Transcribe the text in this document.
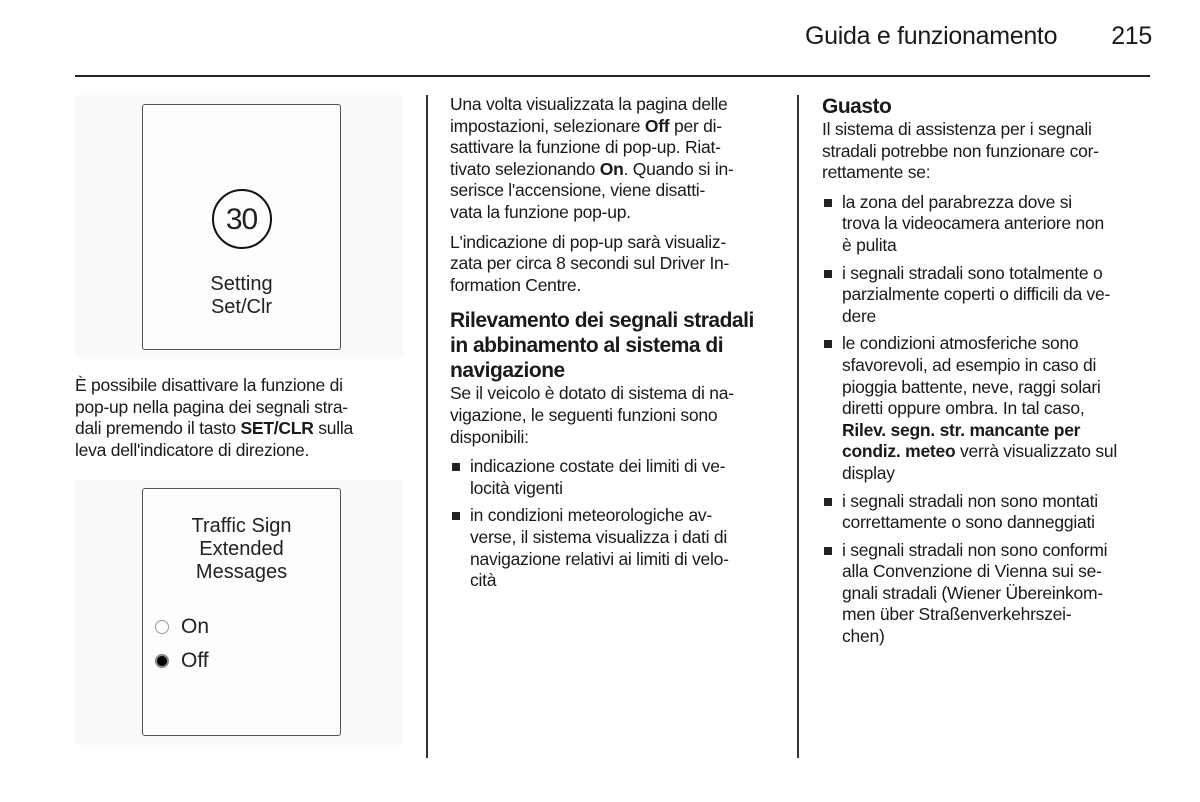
Guida e funzionamento 215
30
Setting
Set/Clr
Traffic Sign
Extended
Messages
On
Off
È possibile disattivare la funzione di
pop-up nella pagina dei segnali stra-
dali premendo il tasto SET/CLR sulla
leva dell'indicatore di direzione.
Una volta visualizzata la pagina delle
impostazioni, selezionare Off per di-
sattivare la funzione di pop-up. Riat-
tivato selezionando On. Quando si in-
serisce l'accensione, viene disatti-
vata la funzione pop-up.
L'indicazione di pop-up sarà visualiz-
zata per circa 8 secondi sul Driver In-
formation Centre.
Rilevamento dei segnali stradali
in abbinamento al sistema di
navigazione
Se il veicolo è dotato di sistema di na-
vigazione, le seguenti funzioni sono
disponibili:
indicazione costate dei limiti di ve-
locità vigenti
in condizioni meteorologiche av-
verse, il sistema visualizza i dati di
navigazione relativi ai limiti di velo-
cità
Guasto
Il sistema di assistenza per i segnali
stradali potrebbe non funzionare cor-
rettamente se:
la zona del parabrezza dove si
trova la videocamera anteriore non
è pulita
i segnali stradali sono totalmente o
parzialmente coperti o difficili da ve-
dere
le condizioni atmosferiche sono
sfavorevoli, ad esempio in caso di
pioggia battente, neve, raggi solari
diretti oppure ombra. In tal caso,
Rilev. segn. str. mancante per
condiz. meteo verrà visualizzato sul
display
i segnali stradali non sono montati
correttamente o sono danneggiati
i segnali stradali non sono conformi
alla Convenzione di Vienna sui se-
gnali stradali (Wiener Übereinkom-
men über Straßenverkehrszei-
chen)
